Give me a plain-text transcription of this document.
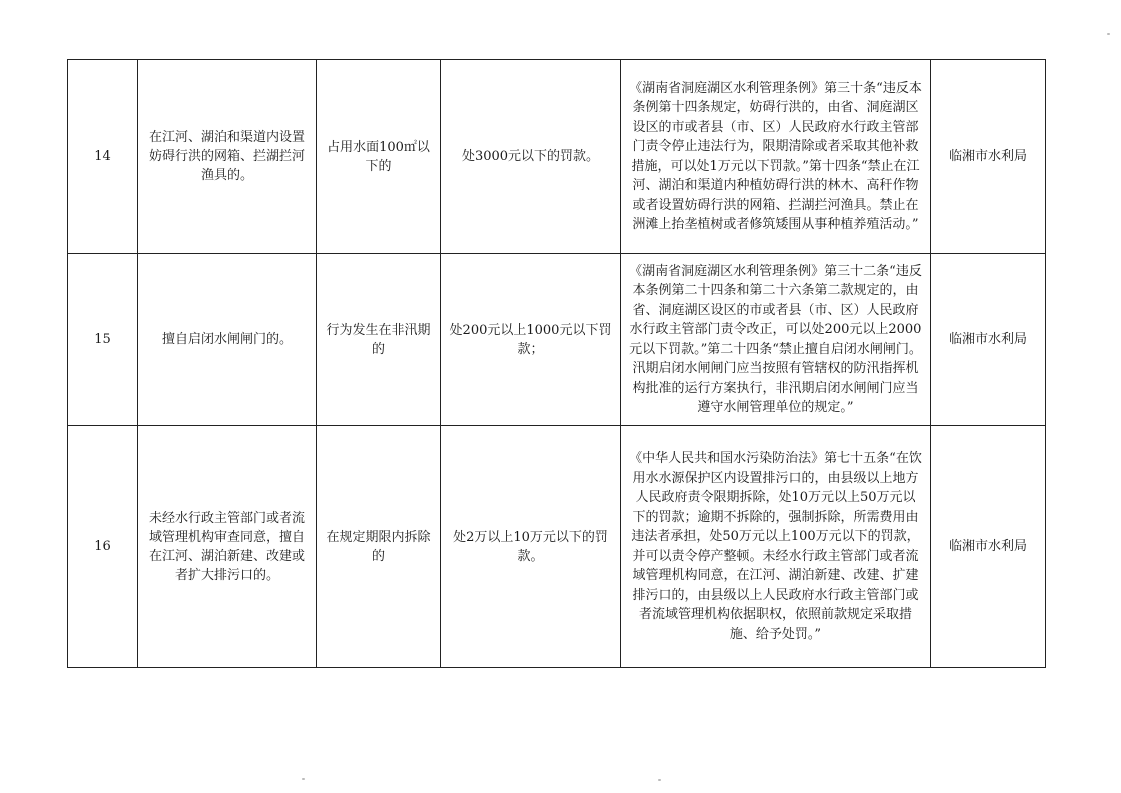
14	在江河、湖泊和渠道内设置妨碍行洪的网箱、拦湖拦河渔具的。	占用水面100㎡以下的	处3000元以下的罚款。	《湖南省洞庭湖区水利管理条例》第三十条“违反本条例第十四条规定，妨碍行洪的，由省、洞庭湖区设区的市或者县（市、区）人民政府水行政主管部门责令停止违法行为，限期清除或者采取其他补救措施，可以处1万元以下罚款。”第十四条“禁止在江河、湖泊和渠道内种植妨碍行洪的林木、高秆作物或者设置妨碍行洪的网箱、拦湖拦河渔具。禁止在洲滩上抬垄植树或者修筑矮围从事种植养殖活动。”	临湘市水利局
15	擅自启闭水闸闸门的。	行为发生在非汛期的	处200元以上1000元以下罚款；	《湖南省洞庭湖区水利管理条例》第三十二条“违反本条例第二十四条和第二十六条第二款规定的，由省、洞庭湖区设区的市或者县（市、区）人民政府水行政主管部门责令改正，可以处200元以上2000元以下罚款。”第二十四条“禁止擅自启闭水闸闸门。汛期启闭水闸闸门应当按照有管辖权的防汛指挥机构批准的运行方案执行，非汛期启闭水闸闸门应当遵守水闸管理单位的规定。”	临湘市水利局
16	未经水行政主管部门或者流域管理机构审查同意，擅自在江河、湖泊新建、改建或者扩大排污口的。	在规定期限内拆除的	处2万以上10万元以下的罚款。	《中华人民共和国水污染防治法》第七十五条“在饮用水水源保护区内设置排污口的，由县级以上地方人民政府责令限期拆除，处10万元以上50万元以下的罚款；逾期不拆除的，强制拆除，所需费用由违法者承担，处50万元以上100万元以下的罚款，并可以责令停产整顿。未经水行政主管部门或者流域管理机构同意，在江河、湖泊新建、改建、扩建排污口的，由县级以上人民政府水行政主管部门或者流域管理机构依据职权，依照前款规定采取措施、给予处罚。”	临湘市水利局
